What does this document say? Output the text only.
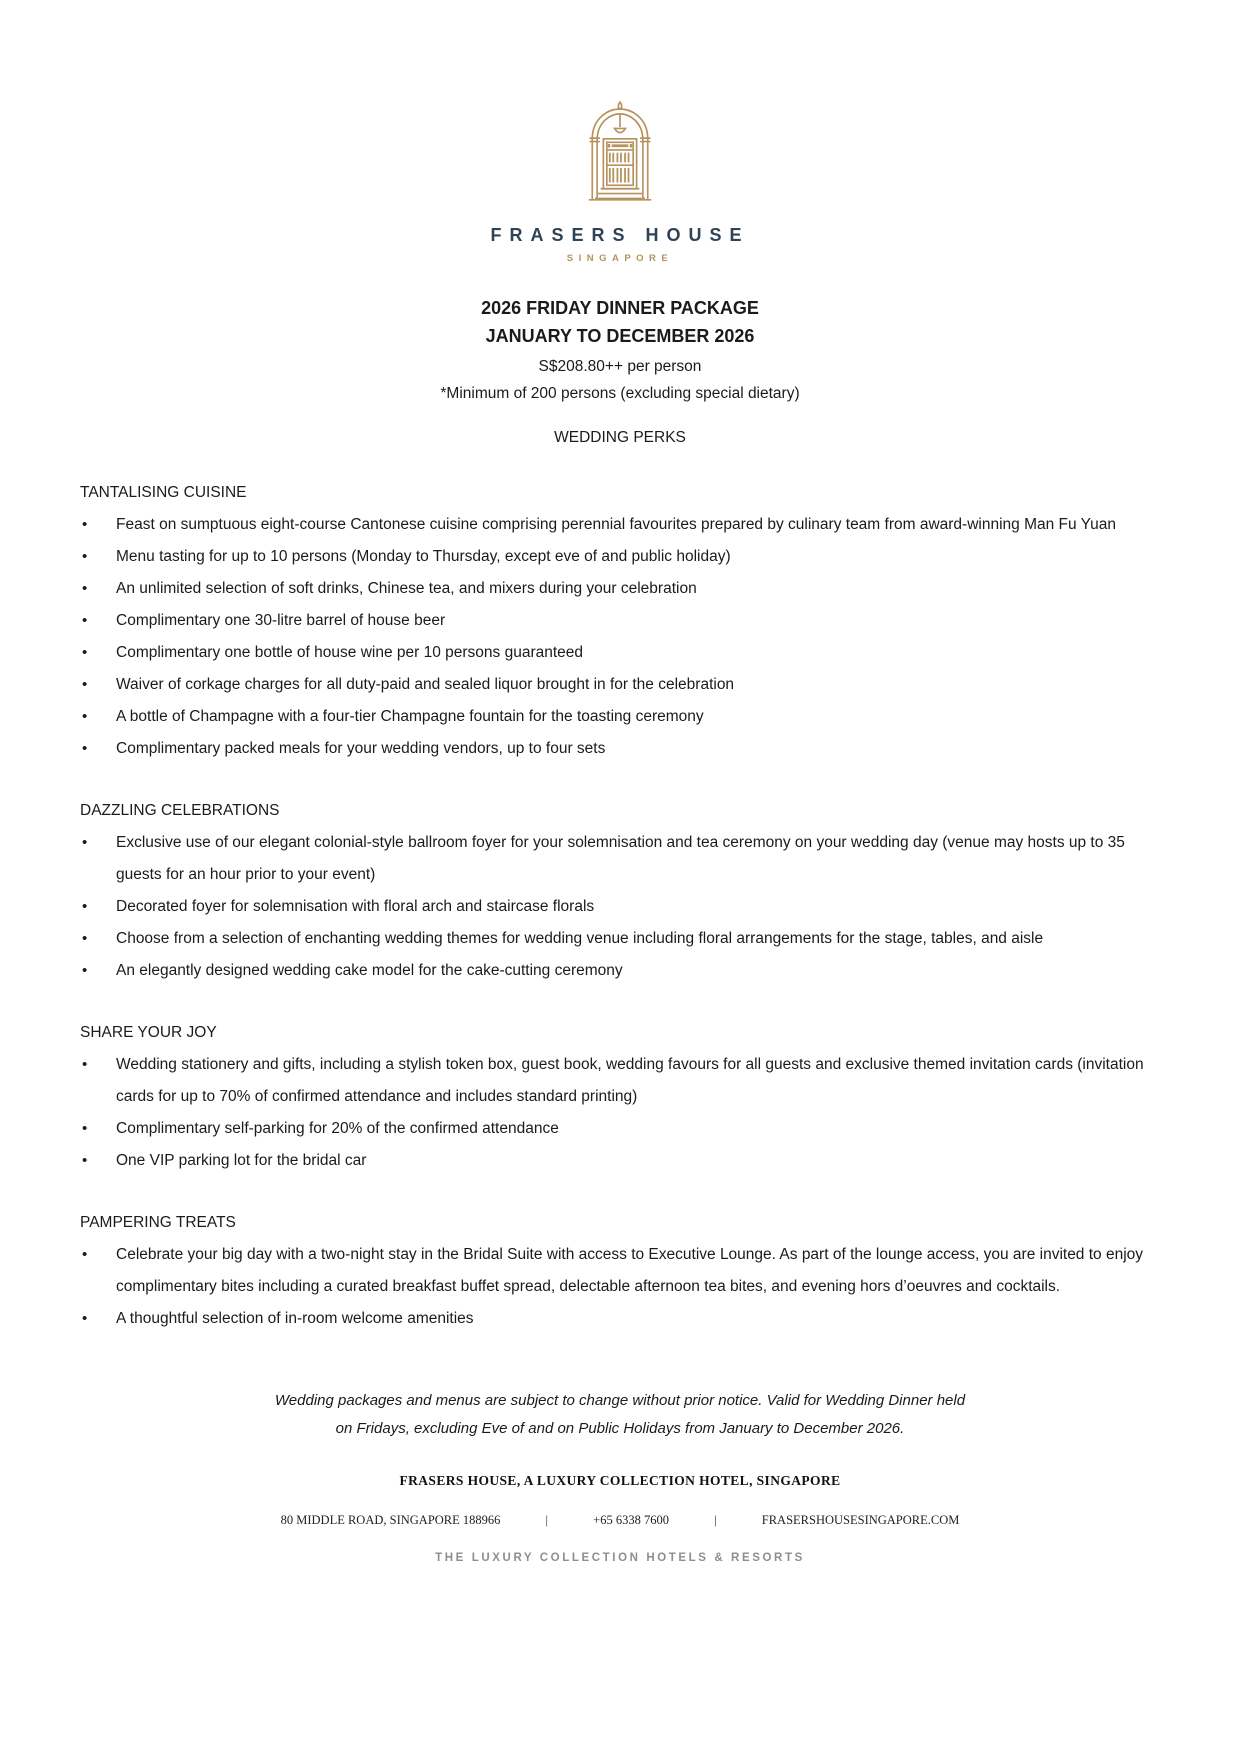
FRASERS HOUSE
SINGAPORE
2026 FRIDAY DINNER PACKAGE
JANUARY TO DECEMBER 2026
S$208.80++ per person
*Minimum of 200 persons (excluding special dietary)
WEDDING PERKS
TANTALISING CUISINE
• Feast on sumptuous eight-course Cantonese cuisine comprising perennial favourites prepared by culinary team from award-winning Man Fu Yuan
• Menu tasting for up to 10 persons (Monday to Thursday, except eve of and public holiday)
• An unlimited selection of soft drinks, Chinese tea, and mixers during your celebration
• Complimentary one 30-litre barrel of house beer
• Complimentary one bottle of house wine per 10 persons guaranteed
• Waiver of corkage charges for all duty-paid and sealed liquor brought in for the celebration
• A bottle of Champagne with a four-tier Champagne fountain for the toasting ceremony
• Complimentary packed meals for your wedding vendors, up to four sets
DAZZLING CELEBRATIONS
• Exclusive use of our elegant colonial-style ballroom foyer for your solemnisation and tea ceremony on your wedding day (venue may hosts up to 35 guests for an hour prior to your event)
• Decorated foyer for solemnisation with floral arch and staircase florals
• Choose from a selection of enchanting wedding themes for wedding venue including floral arrangements for the stage, tables, and aisle
• An elegantly designed wedding cake model for the cake-cutting ceremony
SHARE YOUR JOY
• Wedding stationery and gifts, including a stylish token box, guest book, wedding favours for all guests and exclusive themed invitation cards (invitation cards for up to 70% of confirmed attendance and includes standard printing)
• Complimentary self-parking for 20% of the confirmed attendance
• One VIP parking lot for the bridal car
PAMPERING TREATS
• Celebrate your big day with a two-night stay in the Bridal Suite with access to Executive Lounge. As part of the lounge access, you are invited to enjoy complimentary bites including a curated breakfast buffet spread, delectable afternoon tea bites, and evening hors d’oeuvres and cocktails.
• A thoughtful selection of in-room welcome amenities
Wedding packages and menus are subject to change without prior notice. Valid for Wedding Dinner held
on Fridays, excluding Eve of and on Public Holidays from January to December 2026.
FRASERS HOUSE, A LUXURY COLLECTION HOTEL, SINGAPORE
80 MIDDLE ROAD, SINGAPORE 188966	|	+65 6338 7600	|	FRASERSHOUSESINGAPORE.COM
THE LUXURY COLLECTION HOTELS & RESORTS
